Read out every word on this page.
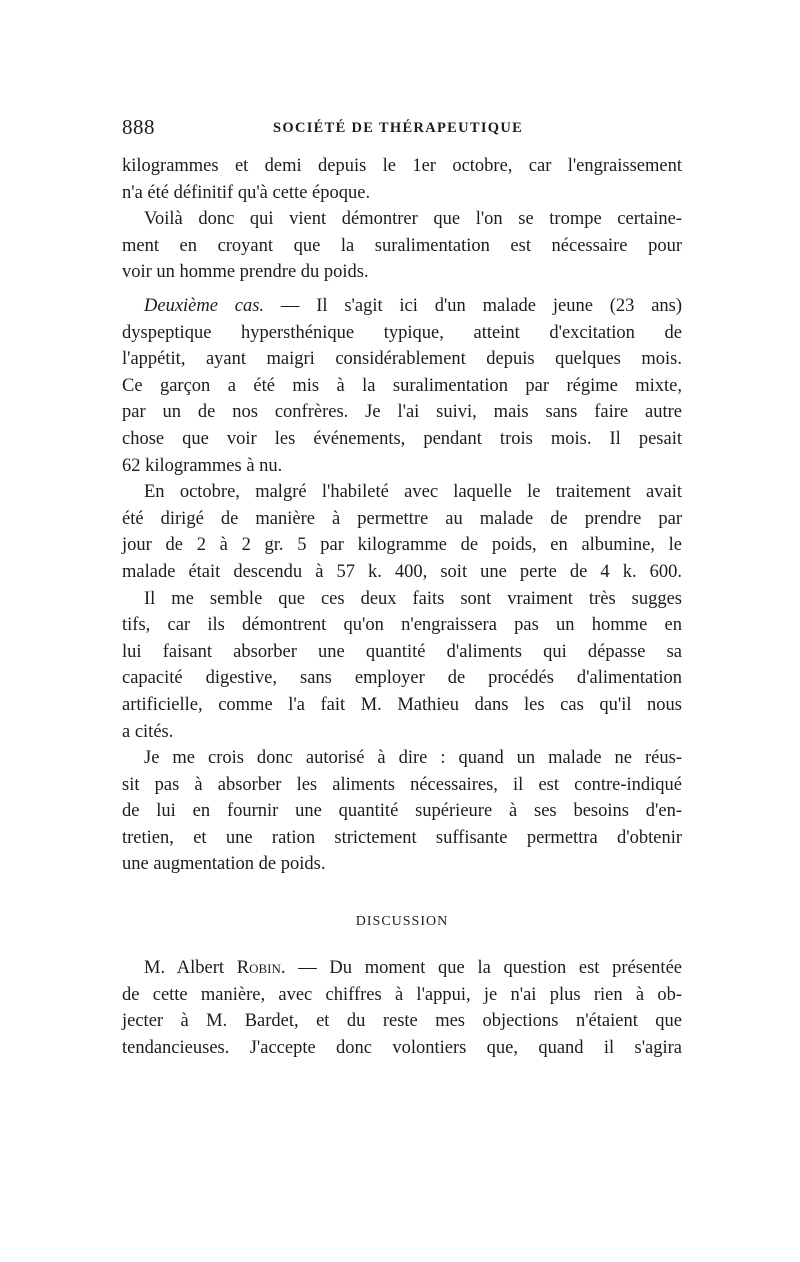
888	SOCIÉTÉ DE THÉRAPEUTIQUE
kilogrammes et demi depuis le 1er octobre, car l'engraissement
n'a été définitif qu'à cette époque.
Voilà donc qui vient démontrer que l'on se trompe certaine-
ment en croyant que la suralimentation est nécessaire pour
voir un homme prendre du poids.
Deuxième cas. — Il s'agit ici d'un malade jeune (23 ans)
dyspeptique hypersthénique typique, atteint d'excitation de
l'appétit, ayant maigri considérablement depuis quelques mois.
Ce garçon a été mis à la suralimentation par régime mixte,
par un de nos confrères. Je l'ai suivi, mais sans faire autre
chose que voir les événements, pendant trois mois. Il pesait
62 kilogrammes à nu.
En octobre, malgré l'habileté avec laquelle le traitement avait
été dirigé de manière à permettre au malade de prendre par
jour de 2 à 2 gr. 5 par kilogramme de poids, en albumine, le
malade était descendu à 57 k. 400, soit une perte de 4 k. 600.
Il me semble que ces deux faits sont vraiment très sugges
tifs, car ils démontrent qu'on n'engraissera pas un homme en
lui faisant absorber une quantité d'aliments qui dépasse sa
capacité digestive, sans employer de procédés d'alimentation
artificielle, comme l'a fait M. Mathieu dans les cas qu'il nous
a cités.
Je me crois donc autorisé à dire : quand un malade ne réus-
sit pas à absorber les aliments nécessaires, il est contre-indiqué
de lui en fournir une quantité supérieure à ses besoins d'en-
tretien, et une ration strictement suffisante permettra d'obtenir
une augmentation de poids.
DISCUSSION
M. Albert Robin. — Du moment que la question est présentée
de cette manière, avec chiffres à l'appui, je n'ai plus rien à ob-
jecter à M. Bardet, et du reste mes objections n'étaient que
tendancieuses. J'accepte donc volontiers que, quand il s'agira
